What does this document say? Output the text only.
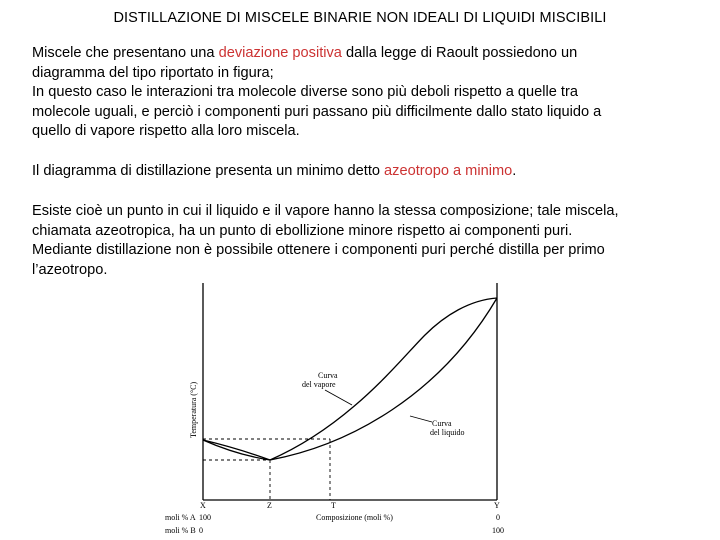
DISTILLAZIONE DI MISCELE BINARIE NON IDEALI DI LIQUIDI MISCIBILI

Miscele che presentano una deviazione positiva dalla legge di Raoult possiedono un

diagramma del tipo riportato in figura;

In questo caso le interazioni tra molecole diverse sono più deboli rispetto a quelle tra

molecole uguali, e perciò i componenti puri passano più difficilmente dallo stato liquido a

quello di vapore rispetto alla loro miscela.

Il diagramma di distillazione presenta un minimo detto azeotropo a minimo.

Esiste cioè un punto in cui il liquido e il vapore hanno la stessa composizione; tale miscela,

chiamata azeotropica, ha un punto di ebollizione minore rispetto ai componenti puri.

Mediante distillazione non è possibile ottenere i componenti puri perché distilla per primo

l’azeotropo.

Temperatura (°C)
Curva
del vapore
Curva
del liquido
X	Z	T	Y
moli % A 100	Composizione (moli %)	0
moli % B 0	100
